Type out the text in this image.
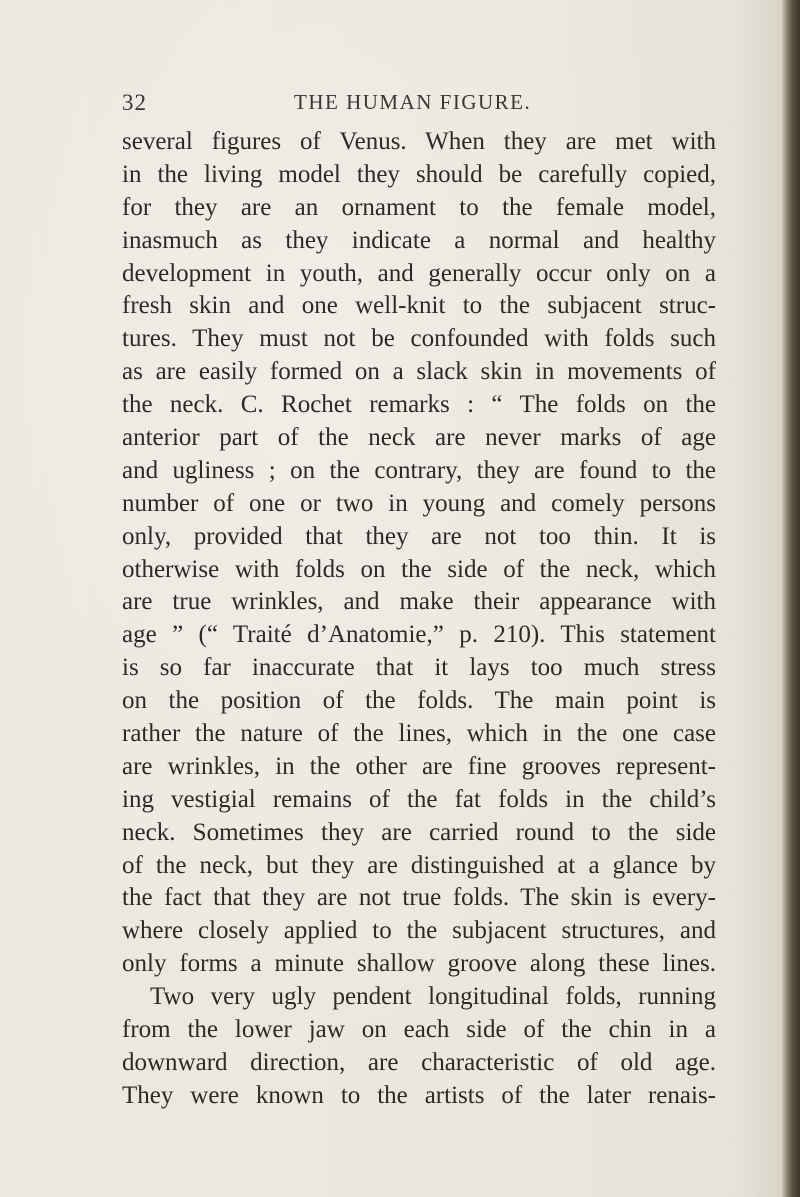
32	THE HUMAN FIGURE.
several figures of Venus. When they are met with
in the living model they should be carefully copied,
for they are an ornament to the female model,
inasmuch as they indicate a normal and healthy
development in youth, and generally occur only on a
fresh skin and one well-knit to the subjacent struc-
tures. They must not be confounded with folds such
as are easily formed on a slack skin in movements of
the neck. C. Rochet remarks : “ The folds on the
anterior part of the neck are never marks of age
and ugliness ; on the contrary, they are found to the
number of one or two in young and comely persons
only, provided that they are not too thin. It is
otherwise with folds on the side of the neck, which
are true wrinkles, and make their appearance with
age ” (“ Traité d’Anatomie,” p. 210). This statement
is so far inaccurate that it lays too much stress
on the position of the folds. The main point is
rather the nature of the lines, which in the one case
are wrinkles, in the other are fine grooves represent-
ing vestigial remains of the fat folds in the child’s
neck. Sometimes they are carried round to the side
of the neck, but they are distinguished at a glance by
the fact that they are not true folds. The skin is every-
where closely applied to the subjacent structures, and
only forms a minute shallow groove along these lines.
Two very ugly pendent longitudinal folds, running
from the lower jaw on each side of the chin in a
downward direction, are characteristic of old age.
They were known to the artists of the later renais-
